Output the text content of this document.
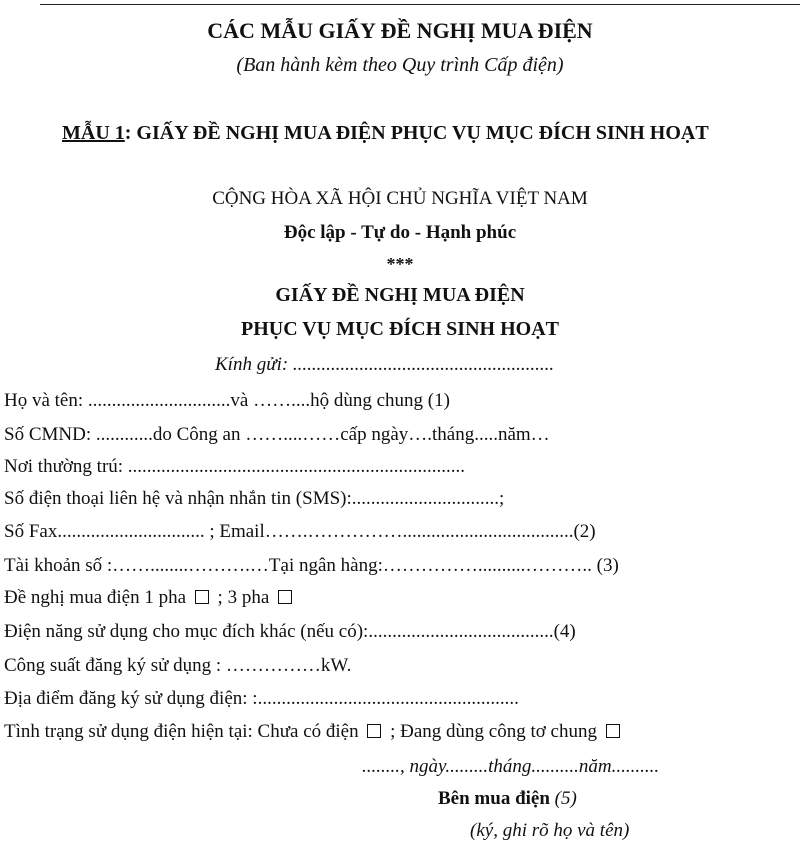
CÁC MẪU GIẤY ĐỀ NGHỊ MUA ĐIỆN
(Ban hành kèm theo Quy trình Cấp điện)
MẪU 1: GIẤY ĐỀ NGHỊ MUA ĐIỆN PHỤC VỤ MỤC ĐÍCH SINH HOẠT
CỘNG HÒA XÃ HỘI CHỦ NGHĨA VIỆT NAM
Độc lập - Tự do - Hạnh phúc
***
GIẤY ĐỀ NGHỊ MUA ĐIỆN
PHỤC VỤ MỤC ĐÍCH SINH HOẠT
Kính gửi: .......................................................
Họ và tên: ..............................và ……....hộ dùng chung (1)
Số CMND: ............do Công an ……....……cấp ngày….tháng.....năm…
Nơi thường trú: .......................................................................
Số điện thoại liên hệ và nhận nhắn tin (SMS):...............................;
Số Fax............................... ; Email…….……………....................................(2)
Tài khoản số :……........……….…Tại ngân hàng:……………..........……….. (3)
Đề nghị mua điện 1 pha ; 3 pha
Điện năng sử dụng cho mục đích khác (nếu có):.......................................(4)
Công suất đăng ký sử dụng : ……………kW.
Địa điểm đăng ký sử dụng điện: :.......................................................
Tình trạng sử dụng điện hiện tại: Chưa có điện ; Đang dùng công tơ chung
........, ngày.........tháng..........năm..........
Bên mua điện (5)
(ký, ghi rõ họ và tên)
